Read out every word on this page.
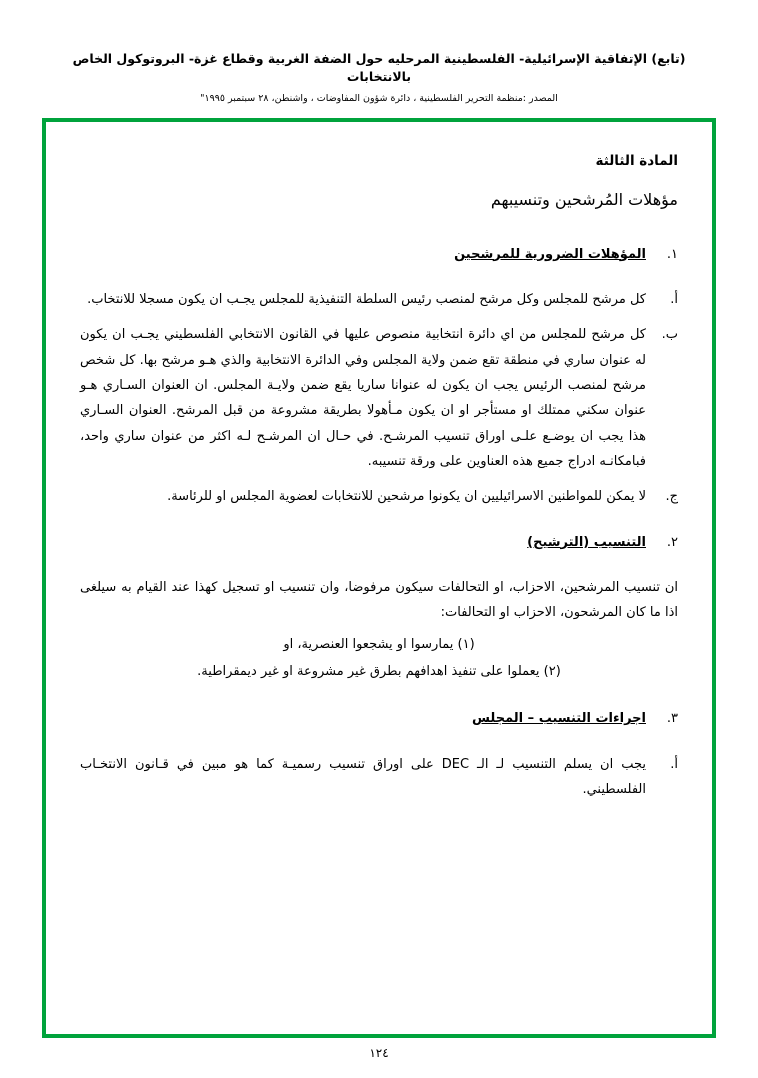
(تابع) الإتفاقية الإسرائيلية- الفلسطينية المرحليه حول الضفة الغربية وقطاع غزة- البروتوكول الخاص بالانتخابات
المصدر :منظمة التحرير الفلسطينية ، دائرة شؤون المفاوضات ، واشنطن، ٢٨ سبتمبر ١٩٩٥"
المادة الثالثة
مؤهلات المُرشحين وتنسيبهم
١.
المؤهلات الضرورية للمرشحين
أ.
كل مرشح للمجلس وكل مرشح لمنصب رئيس السلطة التنفيذية للمجلس يجـب ان يكون مسجلا للانتخاب.
ب.
كل مرشح للمجلس من اي دائرة انتخابية منصوص عليها في القانون الانتخابي الفلسطيني يجـب ان يكون له عنوان ساري في منطقة تقع ضمن ولاية المجلس وفي الدائرة الانتخابية والذي هـو مرشح بها. كل شخص مرشح لمنصب الرئيس يجب ان يكون له عنوانا ساريا يقع ضمن ولايـة المجلس. ان العنوان السـاري هـو عنوان سكني ممتلك او مستأجر او ان يكون مـأهولا بطريقة مشروعة من قبل المرشح. العنوان السـاري هذا يجب ان يوضـع علـى اوراق تنسيب المرشـح. في حـال ان المرشـح لـه اكثر من عنوان ساري واحد، فبامكانـه ادراج جميع هذه العناوين على ورقة تنسيبه.
ج.
لا يمكن للمواطنين الاسرائيليين ان يكونوا مرشحين للانتخابات لعضوية المجلس او للرئاسة.
٢.
التنسيب (الترشيح)
ان تنسيب المرشحين، الاحزاب، او التحالفات سيكون مرفوضا، وان تنسيب او تسجيل كهذا عند القيام به سيلغى اذا ما كان المرشحون، الاحزاب او التحالفات:
(١) يمارسوا او يشجعوا العنصرية، او
(٢) يعملوا على تنفيذ اهدافهم بطرق غير مشروعة او غير ديمقراطية.
٣.
اجراءات التنسيب – المجلس
أ.
يجب ان يسلم التنسيب لـ الـ DEC على اوراق تنسيب رسميـة كما هو مبين في قـانون الانتخـاب الفلسطيني.
١٢٤
